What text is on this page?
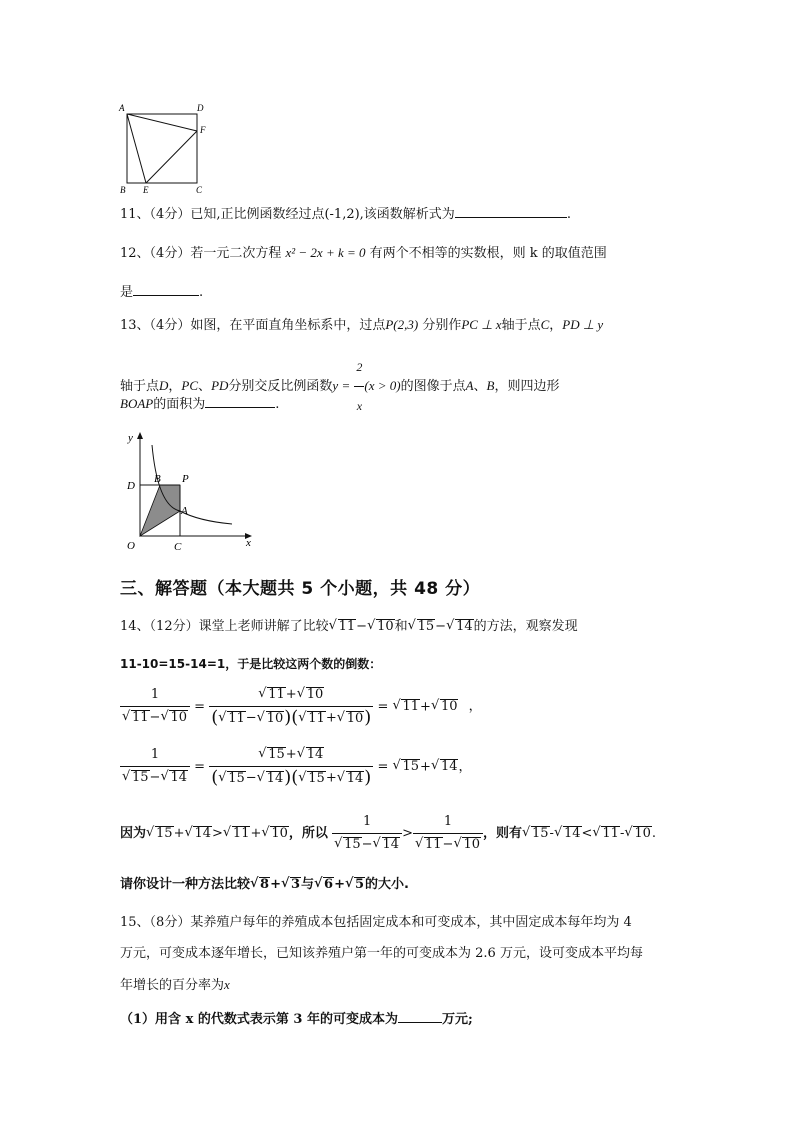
A	D
F
B E	C
11、（4分）已知,正比例函数经过点(-1,2),该函数解析式为	.
12、（4分）若一元二次方程 x² − 2x + k = 0 有两个不相等的实数根，则 k 的取值范围
是	.
13、（4分）如图，在平面直角坐标系中，过点P(2,3) 分别作PC ⊥ x轴于点C，PD ⊥ y
轴于点D，PC、PD分别交反比例函数$y = \frac{2}{x} (x > 0)$的图像于点A、B，则四边形
BOAP的面积为	.
y
x
O	C
D
B P
A
三、解答题（本大题共 5 个小题，共 48 分）
14、（12分）课堂上老师讲解了比较 √ 11− √ 10和 √ 15− √ 14的方法，观察发现
11-10=15-14=1，于是比较这两个数的倒数：
1
√ 11− √ 10 = √ $\frac{11+ √ 10}{( √ 11- √ 10)( √ 11+ √ 10)}$ = √ 11+ √ 10 ，
1
√ 15− √ 14 = √ $\frac{15+ √ 14}{( √ 15- √ 14)( √ 15+ √ 14)}$ = √ 15+ √ 14，
因为 √ 15+ √ 14> √ 11+ √ 10，所以 1
√ 15− √ 14 > 1
√ 11− √ 10 ，则有 √ 15- √ 14< √ 11- √ 10.
请你设计一种方法比较 √ 8+ √ 3与 √ 6+ √ 5的大小.
15、（8分）某养殖户每年的养殖成本包括固定成本和可变成本，其中固定成本每年均为 4
万元，可变成本逐年增长，已知该养殖户第一年的可变成本为 2.6 万元，设可变成本平均每
年增长的百分率为x
（1）用含 x 的代数式表示第 3 年的可变成本为	万元;
